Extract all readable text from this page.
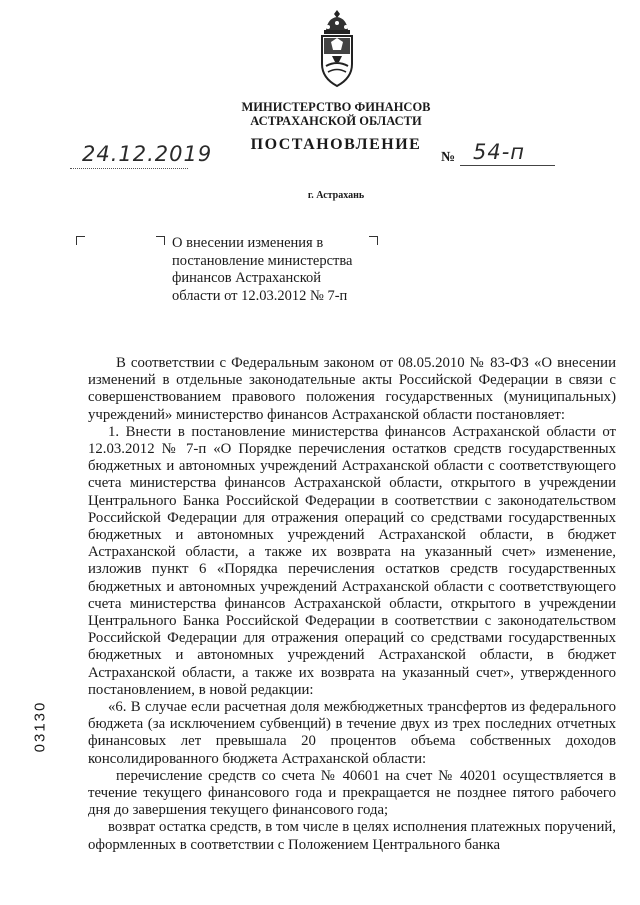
МИНИСТЕРСТВО ФИНАНСОВ
АСТРАХАНСКОЙ ОБЛАСТИ
ПОСТАНОВЛЕНИЕ
24.12.2019	№ 54-п
г. Астрахань
О внесении изменения в
постановление министерства
финансов Астраханской
области от 12.03.2012 № 7-п
03130

В соответствии с Федеральным законом от 08.05.2010 № 83-ФЗ «О внесении изменений в отдельные законодательные акты Российской Федерации в связи с совершенствованием правового положения государственных (муниципальных) учреждений» министерство финансов Астраханской области постановляет:

1. Внести в постановление министерства финансов Астраханской области от 12.03.2012 № 7-п «О Порядке перечисления остатков средств государственных бюджетных и автономных учреждений Астраханской области с соответствующего счета министерства финансов Астраханской области, открытого в учреждении Центрального Банка Российской Федерации в соответствии с законодательством Российской Федерации для отражения операций со средствами государственных бюджетных и автономных учреждений Астраханской области, в бюджет Астраханской области, а также их возврата на указанный счет» изменение, изложив пункт 6 «Порядка перечисления остатков средств государственных бюджетных и автономных учреждений Астраханской области с соответствующего счета министерства финансов Астраханской области, открытого в учреждении Центрального Банка Российской Федерации в соответствии с законодательством Российской Федерации для отражения операций со средствами государственных бюджетных и автономных учреждений Астраханской области, в бюджет Астраханской области, а также их возврата на указанный счет», утвержденного постановлением, в новой редакции:

«6. В случае если расчетная доля межбюджетных трансфертов из федерального бюджета (за исключением субвенций) в течение двух из трех последних отчетных финансовых лет превышала 20 процентов объема собственных доходов консолидированного бюджета Астраханской области:

перечисление средств со счета № 40601 на счет № 40201 осуществляется в течение текущего финансового года и прекращается не позднее пятого рабочего дня до завершения текущего финансового года;

возврат остатка средств, в том числе в целях исполнения платежных поручений, оформленных в соответствии с Положением Центрального банка
